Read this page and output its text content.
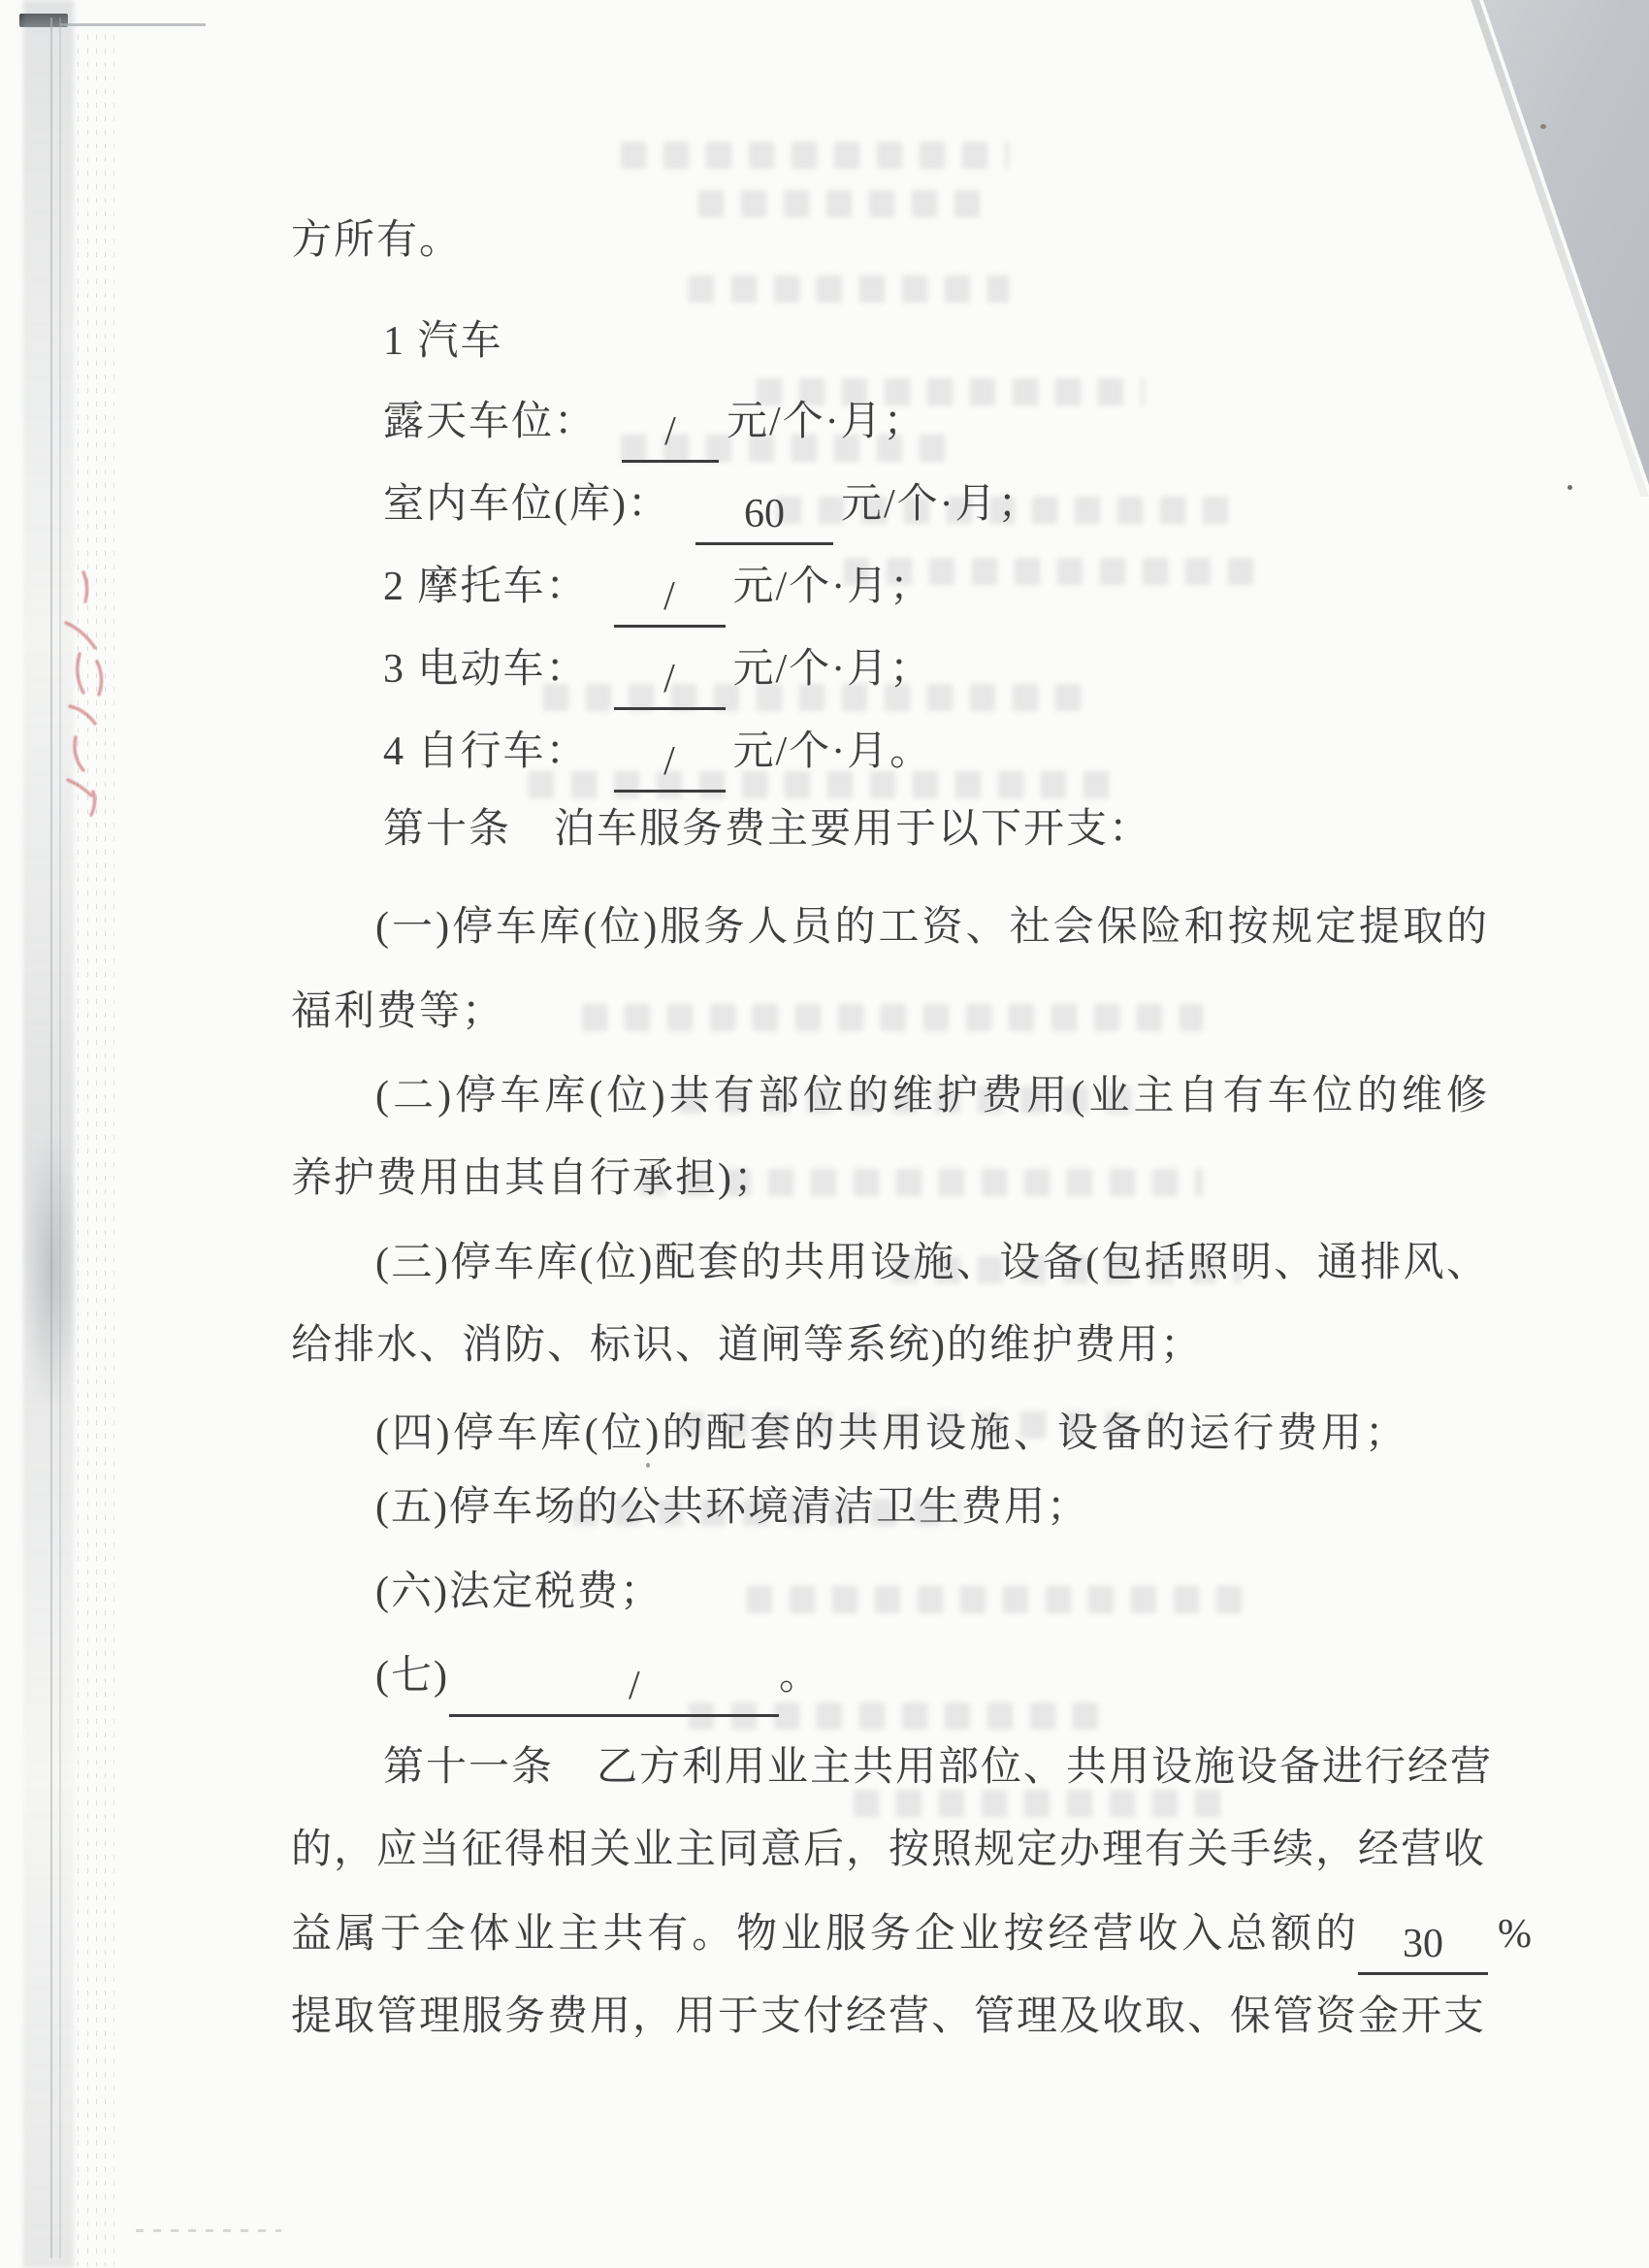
方所有。
1 汽车
露天车位： / 元/个·月；
室内车位(库)： 60 元/个·月；
2 摩托车： / 元/个·月；
3 电动车： / 元/个·月；
4 自行车： / 元/个·月。
第十条　泊车服务费主要用于以下开支：
(一)停车库(位)服务人员的工资、社会保险和按规定提取的
福利费等；
(二)停车库(位)共有部位的维护费用(业主自有车位的维修
养护费用由其自行承担)；
(三)停车库(位)配套的共用设施、设备(包括照明、通排风、
给排水、消防、标识、道闸等系统)的维护费用；
(四)停车库(位)的配套的共用设施、设备的运行费用；
(五)停车场的公共环境清洁卫生费用；
(六)法定税费；
(七)	/	。
第十一条　乙方利用业主共用部位、共用设施设备进行经营
的，应当征得相关业主同意后，按照规定办理有关手续，经营收
益属于全体业主共有。物业服务企业按经营收入总额的 30 %
提取管理服务费用，用于支付经营、管理及收取、保管资金开支
